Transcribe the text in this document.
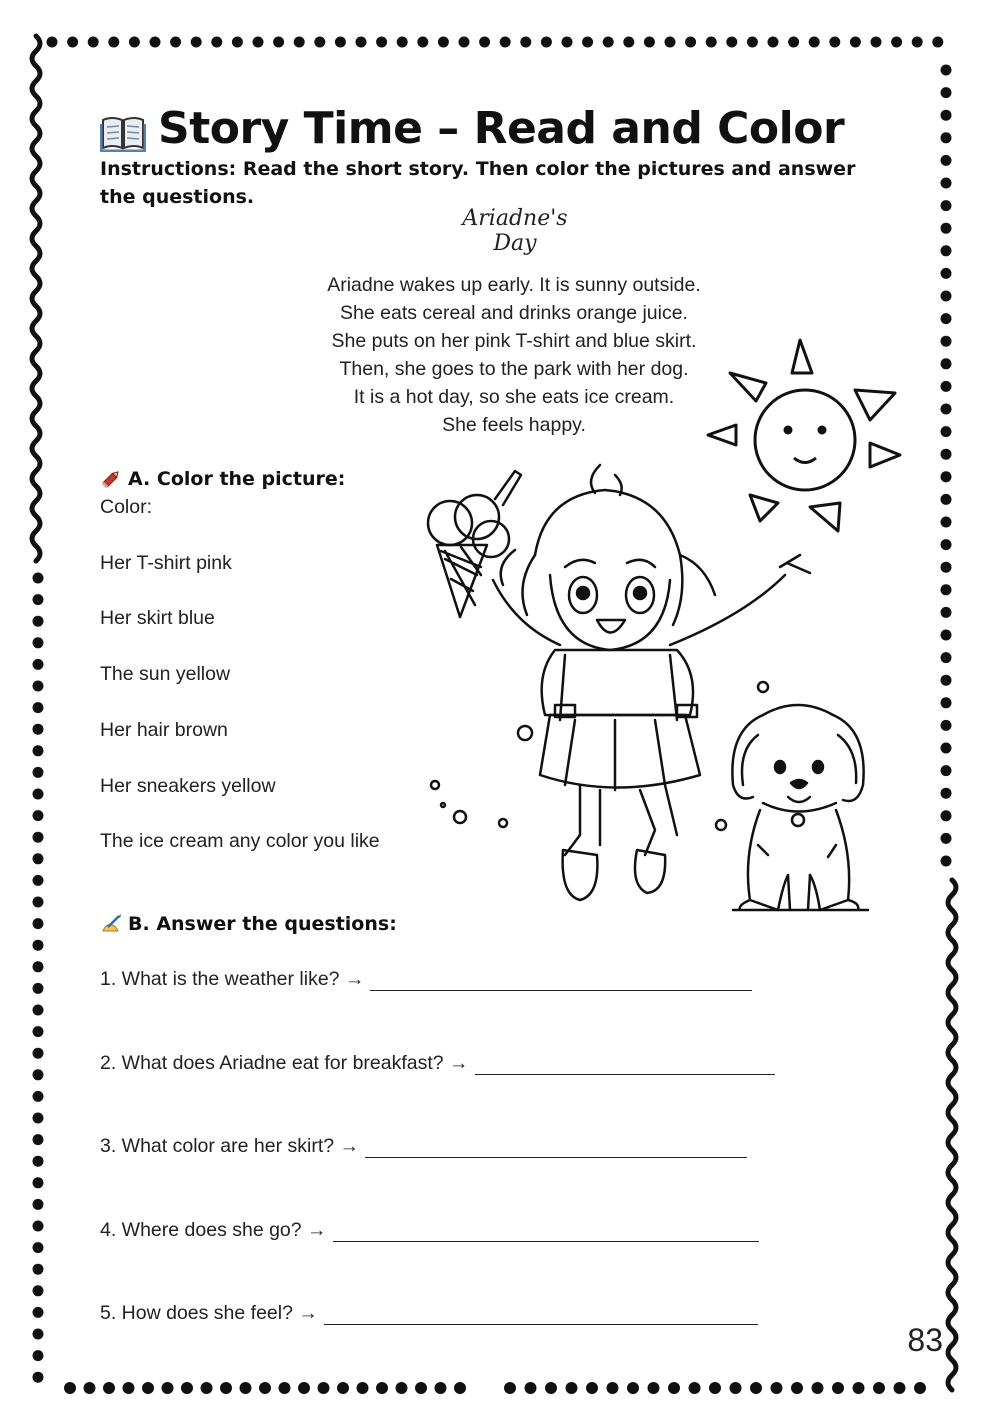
Story Time – Read and Color
Instructions: Read the short story. Then color the pictures and answer the questions.
Ariadne's Day
Ariadne wakes up early. It is sunny outside.
She eats cereal and drinks orange juice.
She puts on her pink T-shirt and blue skirt.
Then, she goes to the park with her dog.
It is a hot day, so she eats ice cream.
She feels happy.
A. Color the picture:
Color:
Her T-shirt pink
Her skirt blue
The sun yellow
Her hair brown
Her sneakers yellow
The ice cream any color you like
B. Answer the questions:
1. What is the weather like? →
2. What does Ariadne eat for breakfast? →
3. What color are her skirt? →
4. Where does she go? →
5. How does she feel? →
83
